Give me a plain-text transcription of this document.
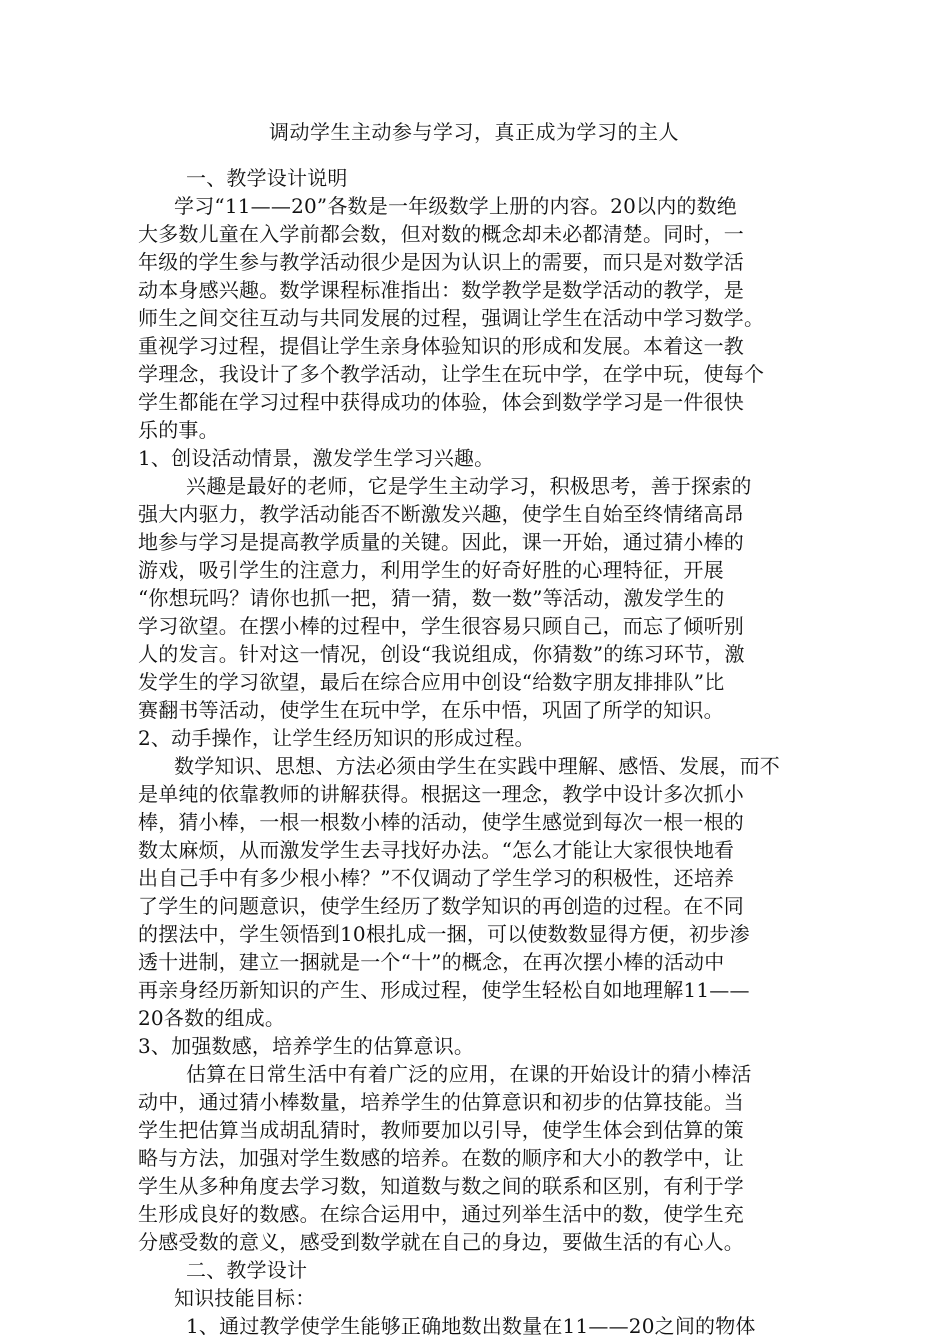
调动学生主动参与学习，真正成为学习的主人
一、教学设计说明
学习“11——20”各数是一年级数学上册的内容。20以内的数绝
大多数儿童在入学前都会数，但对数的概念却未必都清楚。同时，一
年级的学生参与教学活动很少是因为认识上的需要，而只是对数学活
动本身感兴趣。数学课程标准指出：数学教学是数学活动的教学，是
师生之间交往互动与共同发展的过程，强调让学生在活动中学习数学。
重视学习过程，提倡让学生亲身体验知识的形成和发展。本着这一教
学理念，我设计了多个教学活动，让学生在玩中学，在学中玩，使每个
学生都能在学习过程中获得成功的体验，体会到数学学习是一件很快
乐的事。
1、创设活动情景，激发学生学习兴趣。
兴趣是最好的老师，它是学生主动学习，积极思考，善于探索的
强大内驱力，教学活动能否不断激发兴趣，使学生自始至终情绪高昂
地参与学习是提高教学质量的关键。因此，课一开始，通过猜小棒的
游戏，吸引学生的注意力，利用学生的好奇好胜的心理特征，开展
“你想玩吗？请你也抓一把，猜一猜，数一数”等活动，激发学生的
学习欲望。在摆小棒的过程中，学生很容易只顾自己，而忘了倾听别
人的发言。针对这一情况，创设“我说组成，你猜数”的练习环节，激
发学生的学习欲望，最后在综合应用中创设“给数字朋友排排队”比
赛翻书等活动，使学生在玩中学，在乐中悟，巩固了所学的知识。
2、动手操作，让学生经历知识的形成过程。
数学知识、思想、方法必须由学生在实践中理解、感悟、发展，而不
是单纯的依靠教师的讲解获得。根据这一理念，教学中设计多次抓小
棒，猜小棒，一根一根数小棒的活动，使学生感觉到每次一根一根的
数太麻烦，从而激发学生去寻找好办法。“怎么才能让大家很快地看
出自己手中有多少根小棒？”不仅调动了学生学习的积极性，还培养
了学生的问题意识，使学生经历了数学知识的再创造的过程。在不同
的摆法中，学生领悟到10根扎成一捆，可以使数数显得方便，初步渗
透十进制，建立一捆就是一个“十”的概念，在再次摆小棒的活动中
再亲身经历新知识的产生、形成过程，使学生轻松自如地理解11——
20各数的组成。
3、加强数感，培养学生的估算意识。
估算在日常生活中有着广泛的应用，在课的开始设计的猜小棒活
动中，通过猜小棒数量，培养学生的估算意识和初步的估算技能。当
学生把估算当成胡乱猜时，教师要加以引导，使学生体会到估算的策
略与方法，加强对学生数感的培养。在数的顺序和大小的教学中，让
学生从多种角度去学习数，知道数与数之间的联系和区别，有利于学
生形成良好的数感。在综合运用中，通过列举生活中的数，使学生充
分感受数的意义，感受到数学就在自己的身边，要做生活的有心人。
二、教学设计
知识技能目标：
1、通过教学使学生能够正确地数出数量在11——20之间的物体
